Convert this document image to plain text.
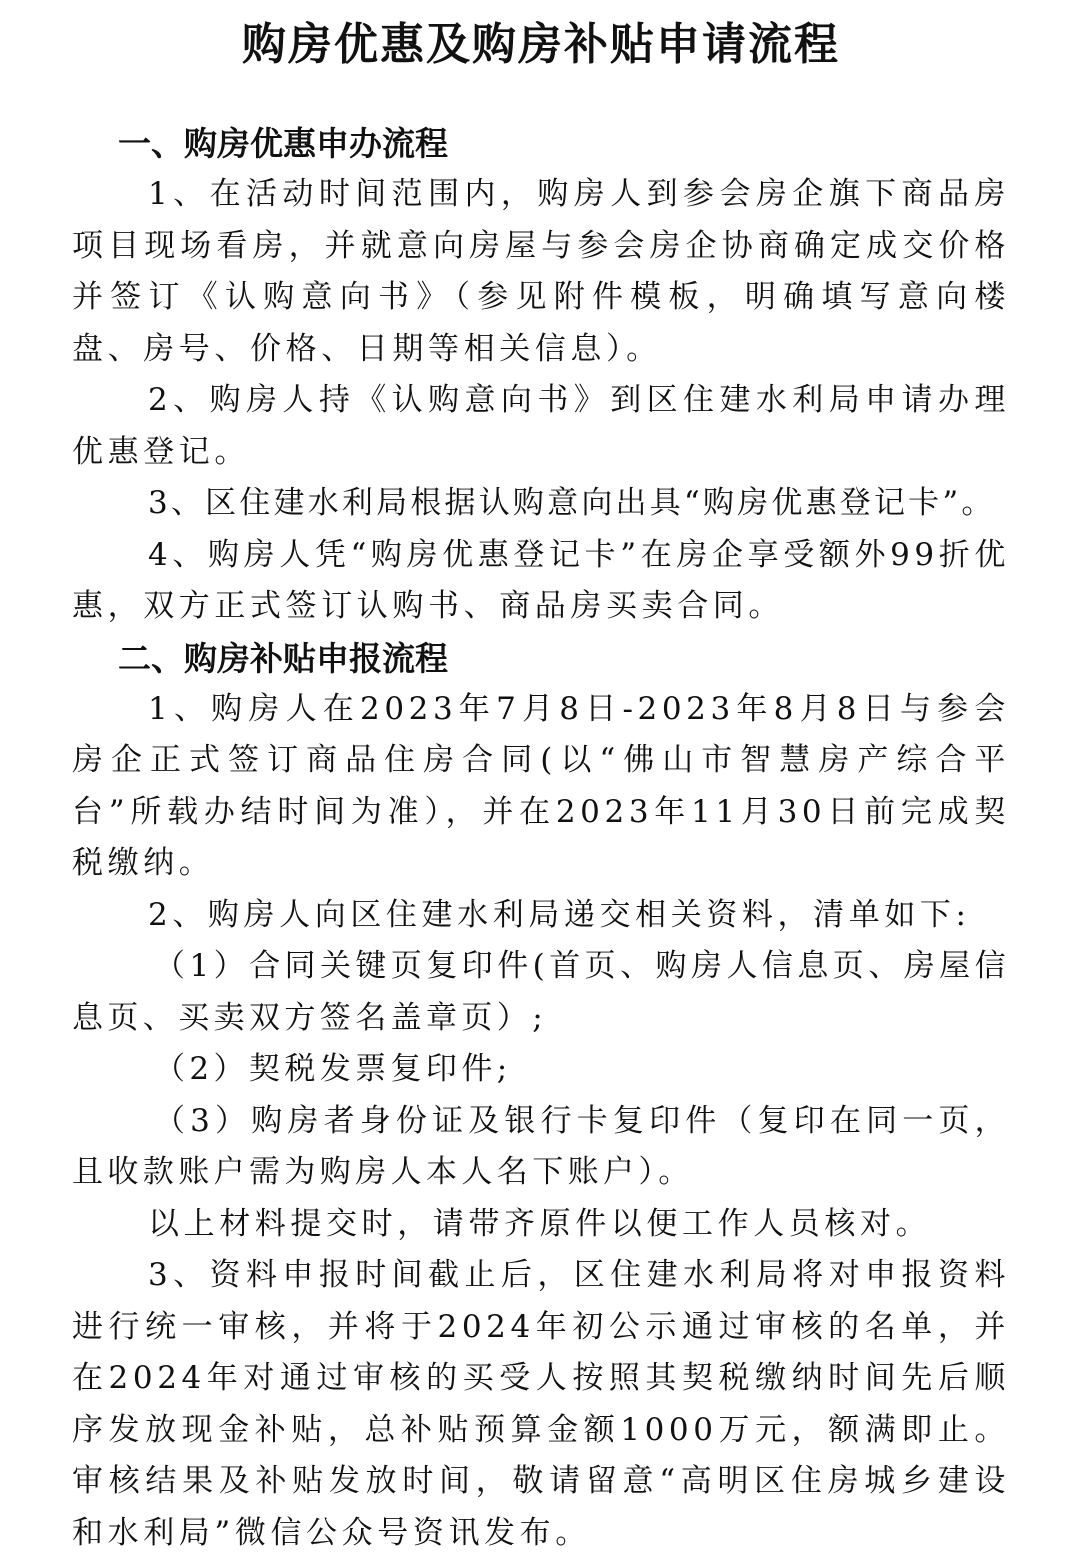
购房优惠及购房补贴申请流程
一、购房优惠申办流程

1、在活动时间范围内，购房人到参会房企旗下商品房项目现场看房，并就意向房屋与参会房企协商确定成交价格并签订《认购意向书》（参见附件模板，明确填写意向楼盘、房号、价格、日期等相关信息）。

2、购房人持《认购意向书》到区住建水利局申请办理优惠登记。

3、区住建水利局根据认购意向出具“购房优惠登记卡”。

4、购房人凭“购房优惠登记卡”在房企享受额外99折优惠，双方正式签订认购书、商品房买卖合同。

二、购房补贴申报流程

1、购房人在2023年7月8日-2023年8月8日与参会房企正式签订商品住房合同(以“佛山市智慧房产综合平台”所载办结时间为准），并在2023年11月30日前完成契税缴纳。

2、购房人向区住建水利局递交相关资料，清单如下:

（1）合同关键页复印件(首页、购房人信息页、房屋信息页、买卖双方签名盖章页）;

（2）契税发票复印件;

（3）购房者身份证及银行卡复印件（复印在同一页，且收款账户需为购房人本人名下账户）。

以上材料提交时，请带齐原件以便工作人员核对。

3、资料申报时间截止后，区住建水利局将对申报资料进行统一审核，并将于2024年初公示通过审核的名单，并在2024年对通过审核的买受人按照其契税缴纳时间先后顺序发放现金补贴，总补贴预算金额1000万元，额满即止。审核结果及补贴发放时间，敬请留意“高明区住房城乡建设和水利局”微信公众号资讯发布。
